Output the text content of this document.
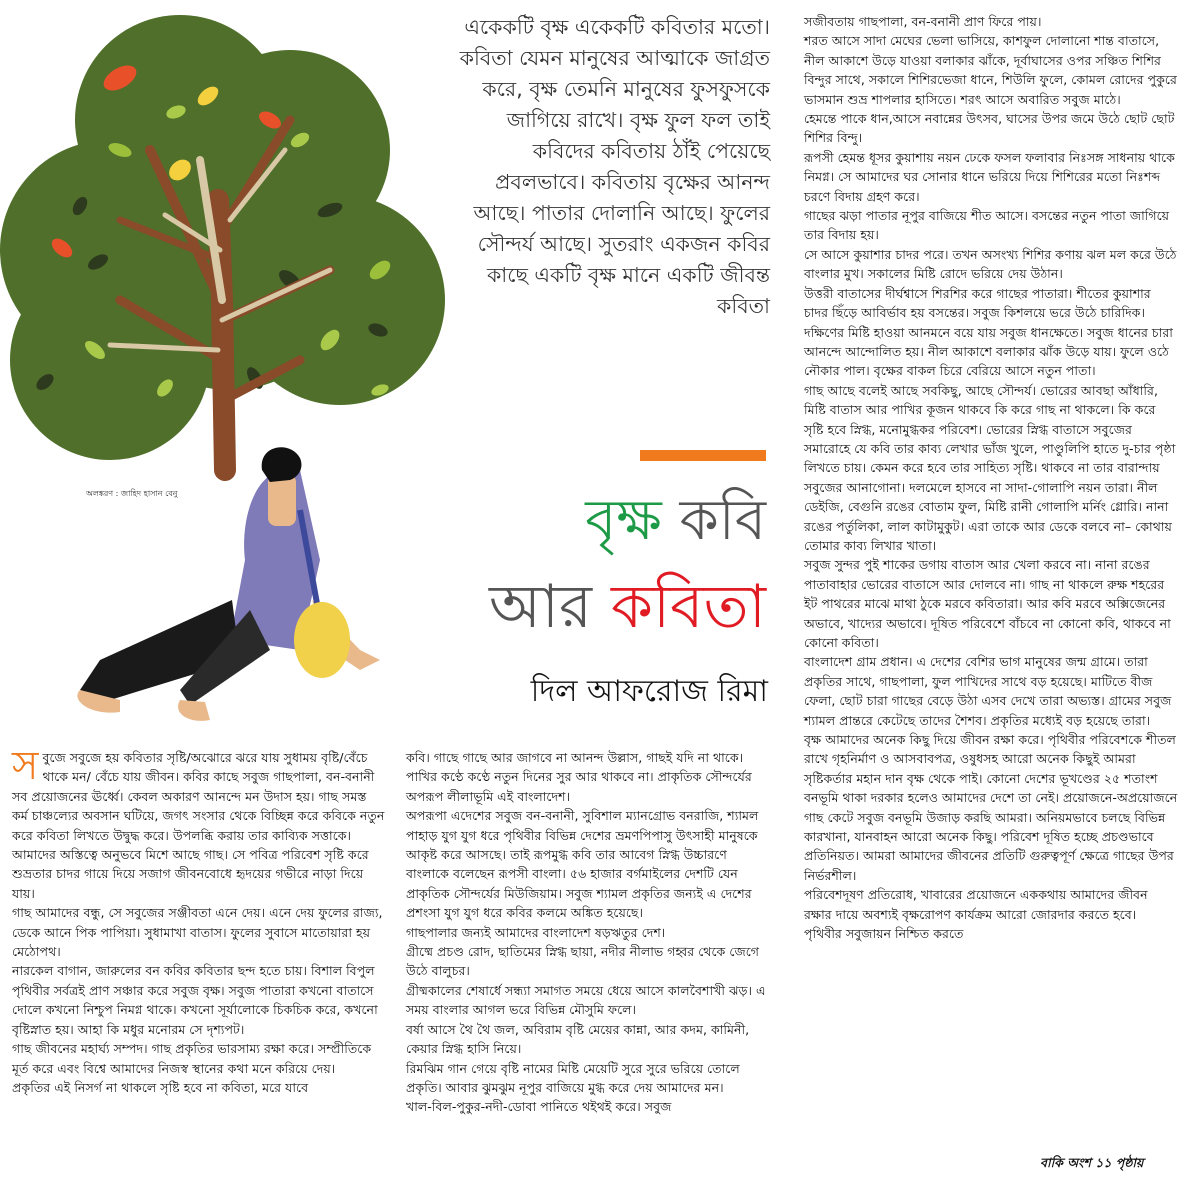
অলঙ্করণ : জাহিদ হাসান বেনু
একেকটি বৃক্ষ একেকটি কবিতার মতো। কবিতা যেমন মানুষের আত্মাকে জাগ্রত করে, বৃক্ষ তেমনি মানুষের ফুসফুসকে জাগিয়ে রাখে। বৃক্ষ ফুল ফল তাই কবিদের কবিতায় ঠাঁই পেয়েছে প্রবলভাবে। কবিতায় বৃক্ষের আনন্দ আছে। পাতার দোলানি আছে। ফুলের সৌন্দর্য আছে। সুতরাং একজন কবির কাছে একটি বৃক্ষ মানে একটি জীবন্ত কবিতা
বৃক্ষ কবি
আর কবিতা
দিল আফরোজ রিমা

সবুজে সবুজে হয় কবিতার সৃষ্টি/অঝোরে ঝরে যায় সুধাময় বৃষ্টি/বেঁচে থাকে মন/ বেঁচে যায় জীবন। কবির কাছে সবুজ গাছপালা, বন-বনানী সব প্রয়োজনের ঊর্ধ্বে। কেবল অকারণ আনন্দে মন উদাস হয়। গাছ সমস্ত কর্ম চাঞ্চল্যের অবসান ঘটিয়ে, জগৎ সংসার থেকে বিচ্ছিন্ন করে কবিকে নতুন করে কবিতা লিখতে উদ্বুদ্ধ করে। উপলব্ধি করায় তার কাব্যিক সত্তাকে।

আমাদের অস্তিত্বে অনুভবে মিশে আছে গাছ। সে পবিত্র পরিবেশ সৃষ্টি করে শুভ্রতার চাদর গায়ে দিয়ে সজাগ জীবনবোধে হৃদয়ের গভীরে নাড়া দিয়ে যায়।

গাছ আমাদের বন্ধু, সে সবুজের সঞ্জীবতা এনে দেয়। এনে দেয় ফুলের রাজ্য, ডেকে আনে পিক পাপিয়া। সুধামাখা বাতাস। ফুলের সুবাসে মাতোয়ারা হয় মেঠোপথ।

নারকেল বাগান, জারুলের বন কবির কবিতার ছন্দ হতে চায়। বিশাল বিপুল পৃথিবীর সর্বত্রই প্রাণ সঞ্চার করে সবুজ বৃক্ষ। সবুজ পাতারা কখনো বাতাসে দোলে কখনো নিশ্চুপ নিমগ্ন থাকে। কখনো সূর্যালোকে চিকচিক করে, কখনো বৃষ্টিস্নাত হয়। আহা কি মধুর মনোরম সে দৃশ্যপট।

গাছ জীবনের মহার্ঘ্য সম্পদ। গাছ প্রকৃতির ভারসাম্য রক্ষা করে। সম্প্রীতিকে মূর্ত করে এবং বিশ্বে আমাদের নিজস্ব স্থানের কথা মনে করিয়ে দেয়।

প্রকৃতির এই নিসর্গ না থাকলে সৃষ্টি হবে না কবিতা, মরে যাবে

কবি। গাছে গাছে আর জাগবে না আনন্দ উল্লাস, গাছই যদি না থাকে। পাখির কণ্ঠে কণ্ঠে নতুন দিনের সুর আর থাকবে না। প্রাকৃতিক সৌন্দর্যের অপরূপ লীলাভূমি এই বাংলাদেশ।

অপরূপা এদেশের সবুজ বন-বনানী, সুবিশাল ম্যানগ্রোভ বনরাজি, শ্যামল পাহাড় যুগ যুগ ধরে পৃথিবীর বিভিন্ন দেশের ভ্রমণপিপাসু উৎসাহী মানুষকে আকৃষ্ট করে আসছে। তাই রূপমুগ্ধ কবি তার আবেগ স্নিগ্ধ উচ্চারণে বাংলাকে বলেছেন রূপসী বাংলা। ৫৬ হাজার বর্গমাইলের দেশটি যেন প্রাকৃতিক সৌন্দর্যের মিউজিয়াম। সবুজ শ্যামল প্রকৃতির জন্যই এ দেশের প্রশংসা যুগ যুগ ধরে কবির কলমে অঙ্কিত হয়েছে।

গাছপালার জন্যই আমাদের বাংলাদেশ ষড়ঋতুর দেশ।

গ্রীষ্মে প্রচণ্ড রোদ, ছাতিমের স্নিগ্ধ ছায়া, নদীর নীলাভ গহ্বর থেকে জেগে উঠে বালুচর।

গ্রীষ্মকালের শেষার্ধে সন্ধ্যা সমাগত সময়ে ধেয়ে আসে কালবৈশাখী ঝড়। এ সময় বাংলার আগল ভরে বিভিন্ন মৌসুমি ফলে।

বর্ষা আসে থৈ থৈ জল, অবিরাম বৃষ্টি মেয়ের কান্না, আর কদম, কামিনী, কেয়ার স্নিগ্ধ হাসি নিয়ে।

রিমঝিম গান গেয়ে বৃষ্টি নামের মিষ্টি মেয়েটি সুরে সুরে ভরিয়ে তোলে প্রকৃতি। আবার ঝুমঝুম নূপুর বাজিয়ে মুগ্ধ করে দেয় আমাদের মন।

খাল-বিল-পুকুর-নদী-ডোবা পানিতে থইথই করে। সবুজ

সজীবতায় গাছপালা, বন-বনানী প্রাণ ফিরে পায়।

শরত আসে সাদা মেঘের ভেলা ভাসিয়ে, কাশফুল দোলানো শান্ত বাতাসে, নীল আকাশে উড়ে যাওয়া বলাকার ঝাঁকে, দূর্বাঘাসের ওপর সঞ্চিত শিশির বিন্দুর সাথে, সকালে শিশিরভেজা ধানে, শিউলি ফুলে, কোমল রোদের পুকুরে ভাসমান শুভ্র শাপলার হাসিতে। শরৎ আসে অবারিত সবুজ মাঠে।

হেমন্তে পাকে ধান,আসে নবান্নের উৎসব, ঘাসের উপর জমে উঠে ছোট ছোট শিশির বিন্দু।

রূপসী হেমন্ত ধূসর কুয়াশায় নয়ন ঢেকে ফসল ফলাবার নিঃসঙ্গ সাধনায় থাকে নিমগ্ন। সে আমাদের ঘর সোনার ধানে ভরিয়ে দিয়ে শিশিরের মতো নিঃশব্দ চরণে বিদায় গ্রহণ করে।

গাছের ঝড়া পাতার নূপুর বাজিয়ে শীত আসে। বসন্তের নতুন পাতা জাগিয়ে তার বিদায় হয়।

সে আসে কুয়াশার চাদর পরে। তখন অসংখ্য শিশির কণায় ঝল মল করে উঠে বাংলার মুখ। সকালের মিষ্টি রোদে ভরিয়ে দেয় উঠান।

উত্তরী বাতাসের দীর্ঘশ্বাসে শিরশির করে গাছের পাতারা। শীতের কুয়াশার চাদর ছিঁড়ে আবির্ভাব হয় বসন্তের। সবুজ কিশলয়ে ভরে উঠে চারিদিক। দক্ষিণের মিষ্টি হাওয়া আনমনে বয়ে যায় সবুজ ধানক্ষেতে। সবুজ ধানের চারা আনন্দে আন্দোলিত হয়। নীল আকাশে বলাকার ঝাঁক উড়ে যায়। ফুলে ওঠে নৌকার পাল। বৃক্ষের বাকল চিরে বেরিয়ে আসে নতুন পাতা।

গাছ আছে বলেই আছে সবকিছু, আছে সৌন্দর্য। ভোরের আবছা আঁধারি, মিষ্টি বাতাস আর পাখির কূজন থাকবে কি করে গাছ না থাকলে। কি করে সৃষ্টি হবে স্নিগ্ধ, মনোমুগ্ধকর পরিবেশ। ভোরের স্নিগ্ধ বাতাসে সবুজের সমারোহে যে কবি তার কাব্য লেখার ভাঁজ খুলে, পাণ্ডুলিপি হাতে দু-চার পৃষ্ঠা লিখতে চায়। কেমন করে হবে তার সাহিত্য সৃষ্টি। থাকবে না তার বারান্দায় সবুজের আনাগোনা। দলমেলে হাসবে না সাদা-গোলাপি নয়ন তারা। নীল ডেইজি, বেগুনি রঙের বোতাম ফুল, মিষ্টি রানী গোলাপি মর্নিং গ্লোরি। নানা রঙের পর্তুলিকা, লাল কাটামুকুট। এরা তাকে আর ডেকে বলবে না– কোথায় তোমার কাব্য লিখার খাতা।

সবুজ সুন্দর পুই শাকের ডগায় বাতাস আর খেলা করবে না। নানা রঙের পাতাবাহার ভোরের বাতাসে আর দোলবে না। গাছ না থাকলে রুক্ষ শহরের ইট পাথরের মাঝে মাথা ঠুকে মরবে কবিতারা। আর কবি মরবে অক্সিজেনের অভাবে, খাদ্যের অভাবে। দূষিত পরিবেশে বাঁচবে না কোনো কবি, থাকবে না কোনো কবিতা।

বাংলাদেশ গ্রাম প্রধান। এ দেশের বেশির ভাগ মানুষের জন্ম গ্রামে। তারা প্রকৃতির সাথে, গাছপালা, ফুল পাখিদের সাথে বড় হয়েছে। মাটিতে বীজ ফেলা, ছোট চারা গাছের বেড়ে উঠা এসব দেখে তারা অভ্যস্ত। গ্রামের সবুজ শ্যামল প্রান্তরে কেটেছে তাদের শৈশব। প্রকৃতির মধ্যেই বড় হয়েছে তারা।

বৃক্ষ আমাদের অনেক কিছু দিয়ে জীবন রক্ষা করে। পৃথিবীর পরিবেশকে শীতল রাখে গৃহনির্মাণ ও আসবাবপত্র, ওষুধসহ আরো অনেক কিছুই আমরা সৃষ্টিকর্তার মহান দান বৃক্ষ থেকে পাই। কোনো দেশের ভূখণ্ডের ২৫ শতাংশ বনভূমি থাকা দরকার হলেও আমাদের দেশে তা নেই। প্রয়োজনে-অপ্রয়োজনে গাছ কেটে সবুজ বনভূমি উজাড় করছি আমরা। অনিয়মভাবে চলছে বিভিন্ন কারখানা, যানবাহন আরো অনেক কিছু। পরিবেশ দূষিত হচ্ছে প্রচণ্ডভাবে প্রতিনিয়ত। আমরা আমাদের জীবনের প্রতিটি গুরুত্বপূর্ণ ক্ষেত্রে গাছের উপর নির্ভরশীল।

পরিবেশদূষণ প্রতিরোধ, খাবারের প্রয়োজনে এককথায় আমাদের জীবন রক্ষার দায়ে অবশ্যই বৃক্ষরোপণ কার্যক্রম আরো জোরদার করতে হবে। পৃথিবীর সবুজায়ন নিশ্চিত করতে

বাকি অংশ ১১ পৃষ্ঠায়
